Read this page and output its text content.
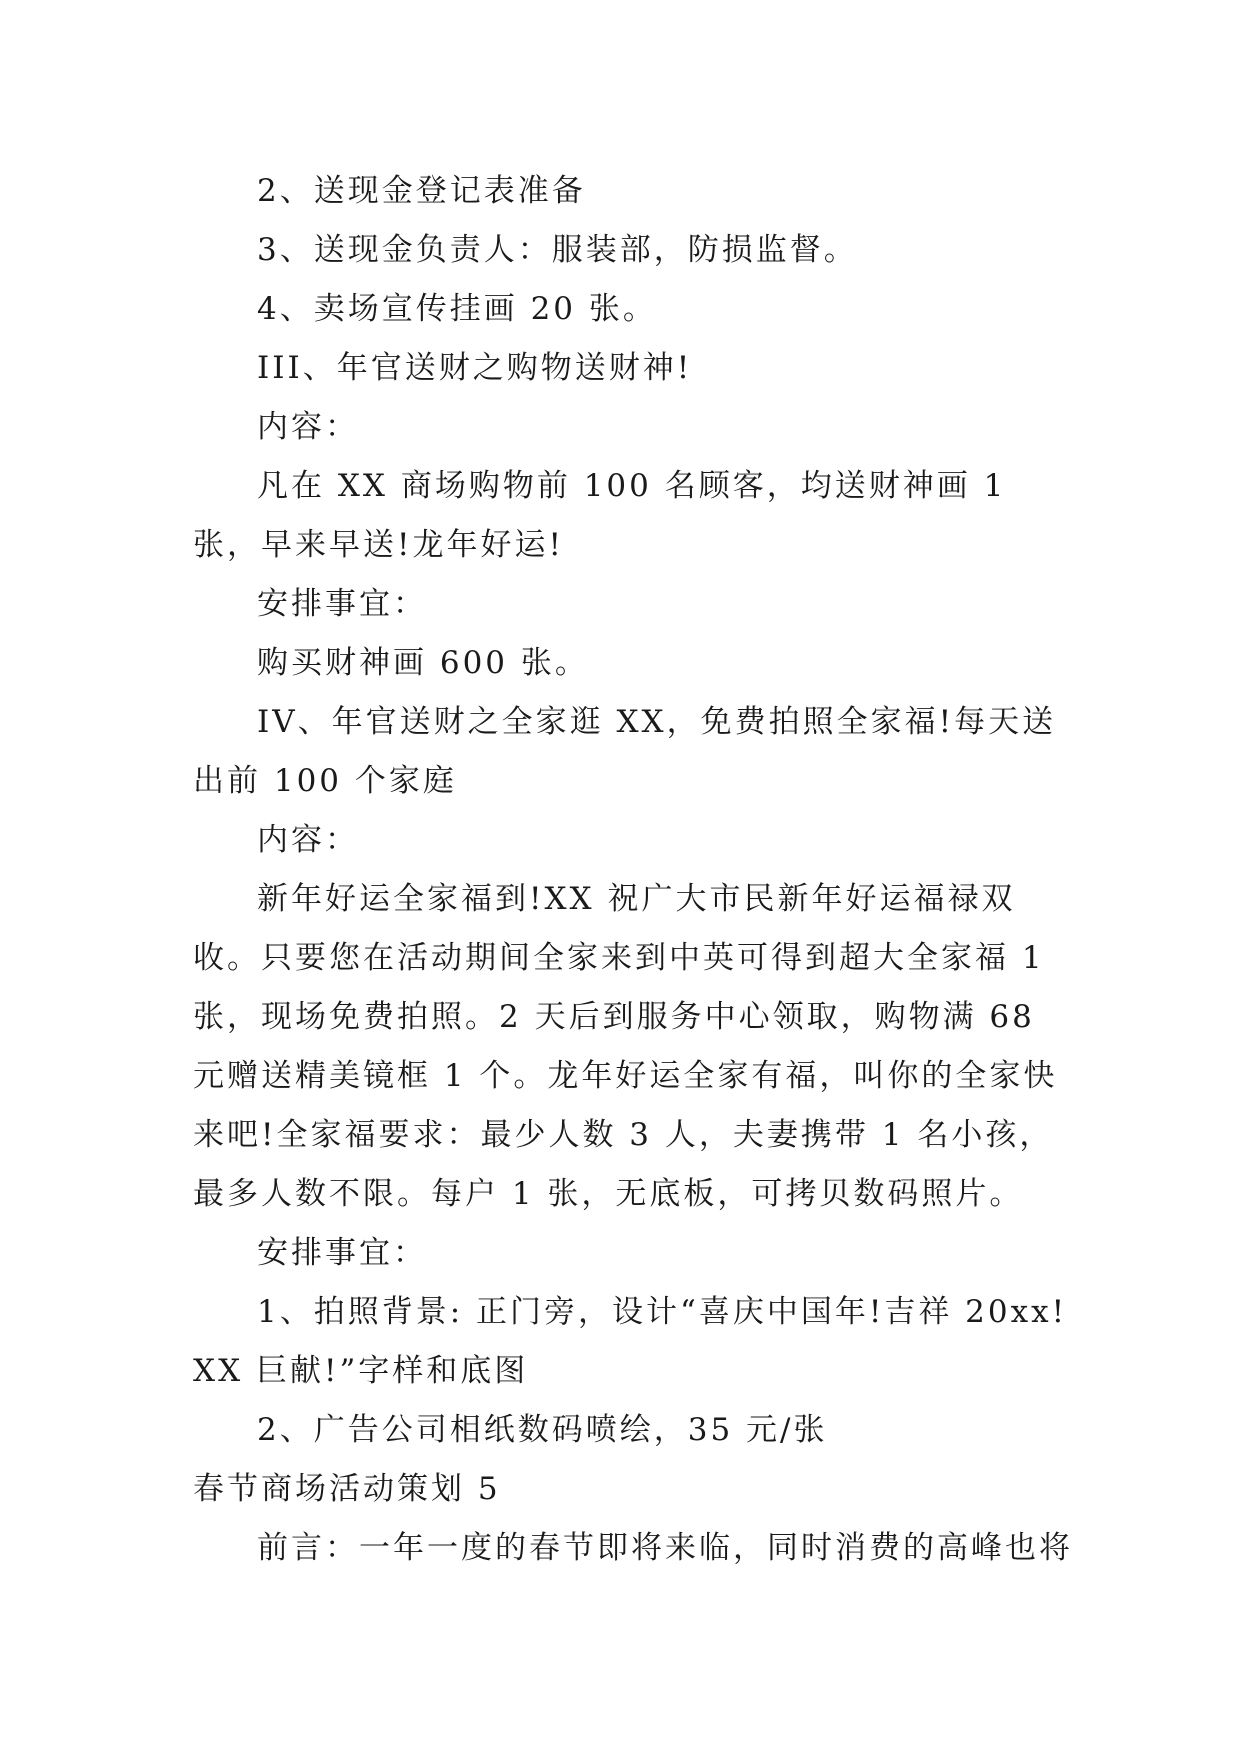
2、送现金登记表准备

3、送现金负责人：服装部，防损监督。

4、卖场宣传挂画 20 张。

III、年官送财之购物送财神!

内容：

凡在 XX 商场购物前 100 名顾客，均送财神画 1 张，早来早送!龙年好运!

安排事宜：

购买财神画 600 张。

IV、年官送财之全家逛 XX，免费拍照全家福!每天送出前 100 个家庭

内容：

新年好运全家福到!XX 祝广大市民新年好运福禄双收。只要您在活动期间全家来到中英可得到超大全家福 1 张，现场免费拍照。2 天后到服务中心领取，购物满 68 元赠送精美镜框 1 个。龙年好运全家有福，叫你的全家快来吧!全家福要求：最少人数 3 人，夫妻携带 1 名小孩，最多人数不限。每户 1 张，无底板，可拷贝数码照片。

安排事宜：

1、拍照背景: 正门旁，设计“喜庆中国年!吉祥 20xx!XX 巨献!”字样和底图

2、广告公司相纸数码喷绘，35 元/张

春节商场活动策划 5

前言：一年一度的春节即将来临，同时消费的高峰也将
